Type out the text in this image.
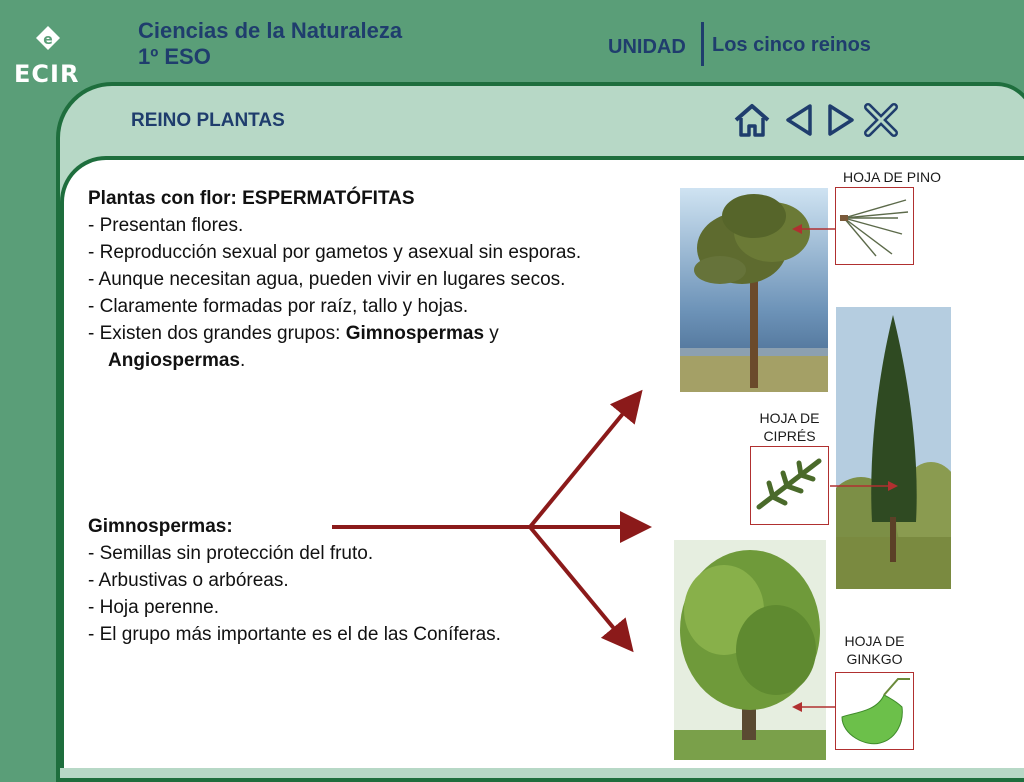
e
ECIR
Ciencias de la Naturaleza
1º ESO	UNIDAD Los cinco reinos
REINO PLANTAS
Plantas con flor: ESPERMATÓFITAS
- Presentan flores.
- Reproducción sexual por gametos y asexual sin esporas.
- Aunque necesitan agua, pueden vivir en lugares secos.
- Claramente formadas por raíz, tallo y hojas.
- Existen dos grandes grupos: Gimnospermas y Angiospermas.
Gimnospermas:
- Semillas sin protección del fruto.
- Arbustivas o arbóreas.
- Hoja perenne.
- El grupo más importante es el de las Coníferas.
HOJA DE PINO
HOJA DE
CIPRÉS
HOJA DE
GINKGO
